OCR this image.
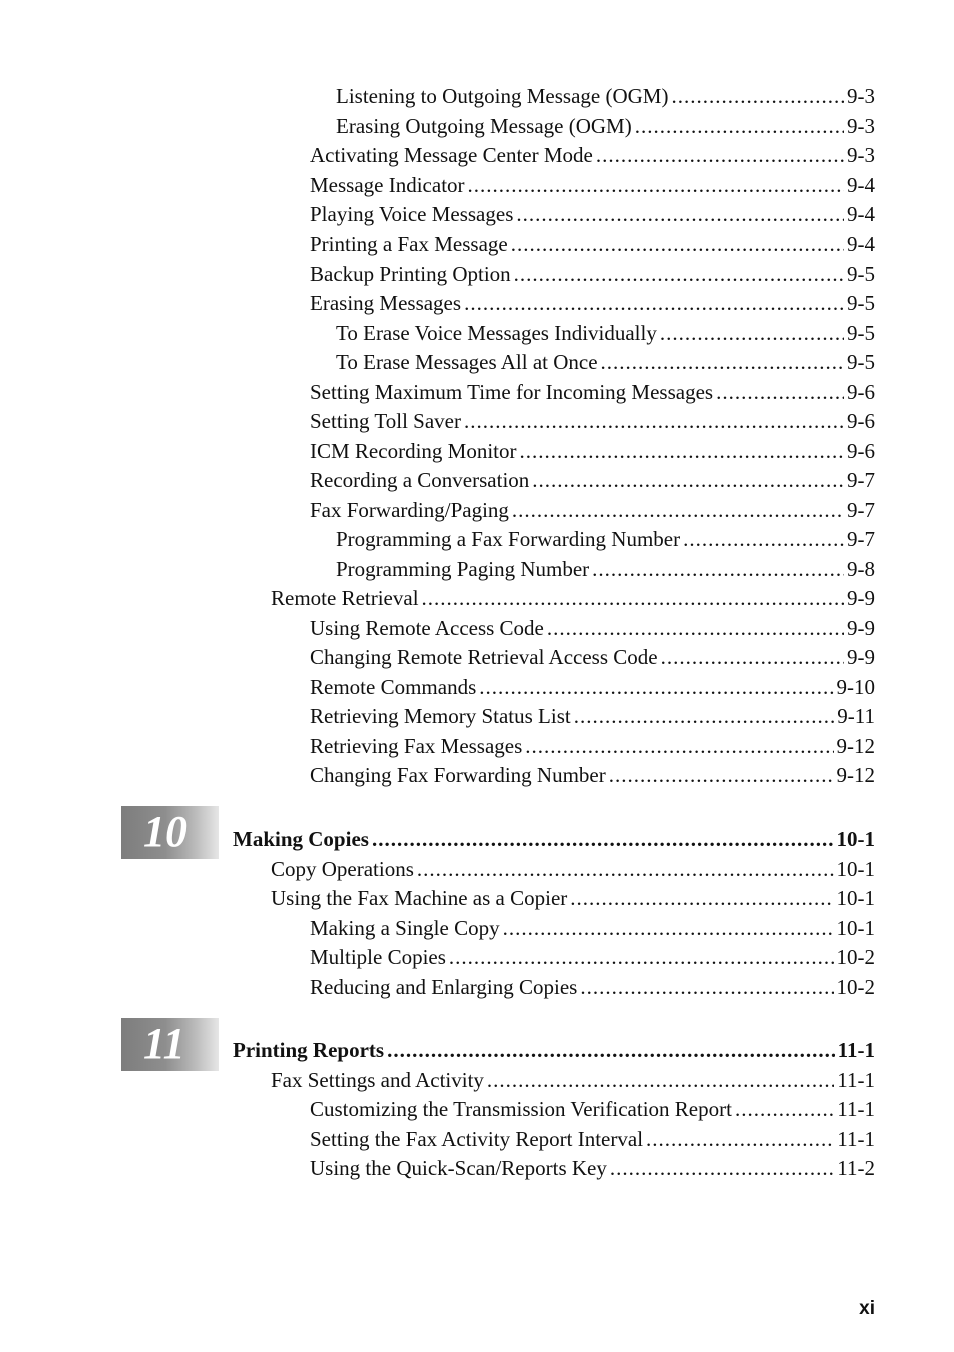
Listening to Outgoing Message (OGM) .....	9-3
Erasing Outgoing Message (OGM) .....	9-3
Activating Message Center Mode .....	9-3
Message Indicator .....	9-4
Playing Voice Messages .....	9-4
Printing a Fax Message .....	9-4
Backup Printing Option .....	9-5
Erasing Messages .....	9-5
To Erase Voice Messages Individually .....	9-5
To Erase Messages All at Once .....	9-5
Setting Maximum Time for Incoming Messages .....	9-6
Setting Toll Saver .....	9-6
ICM Recording Monitor .....	9-6
Recording a Conversation .....	9-7
Fax Forwarding/Paging .....	9-7
Programming a Fax Forwarding Number .....	9-7
Programming Paging Number .....	9-8
Remote Retrieval .....	9-9
Using Remote Access Code .....	9-9
Changing Remote Retrieval Access Code .....	9-9
Remote Commands .....	9-10
Retrieving Memory Status List .....	9-11
Retrieving Fax Messages .....	9-12
Changing Fax Forwarding Number .....	9-12
10 Making Copies .....	10-1
Copy Operations .....	10-1
Using the Fax Machine as a Copier .....	10-1
Making a Single Copy .....	10-1
Multiple Copies .....	10-2
Reducing and Enlarging Copies .....	10-2
11 Printing Reports .....	11-1
Fax Settings and Activity .....	11-1
Customizing the Transmission Verification Report .....	11-1
Setting the Fax Activity Report Interval .....	11-1
Using the Quick-Scan/Reports Key .....	11-2
xi
